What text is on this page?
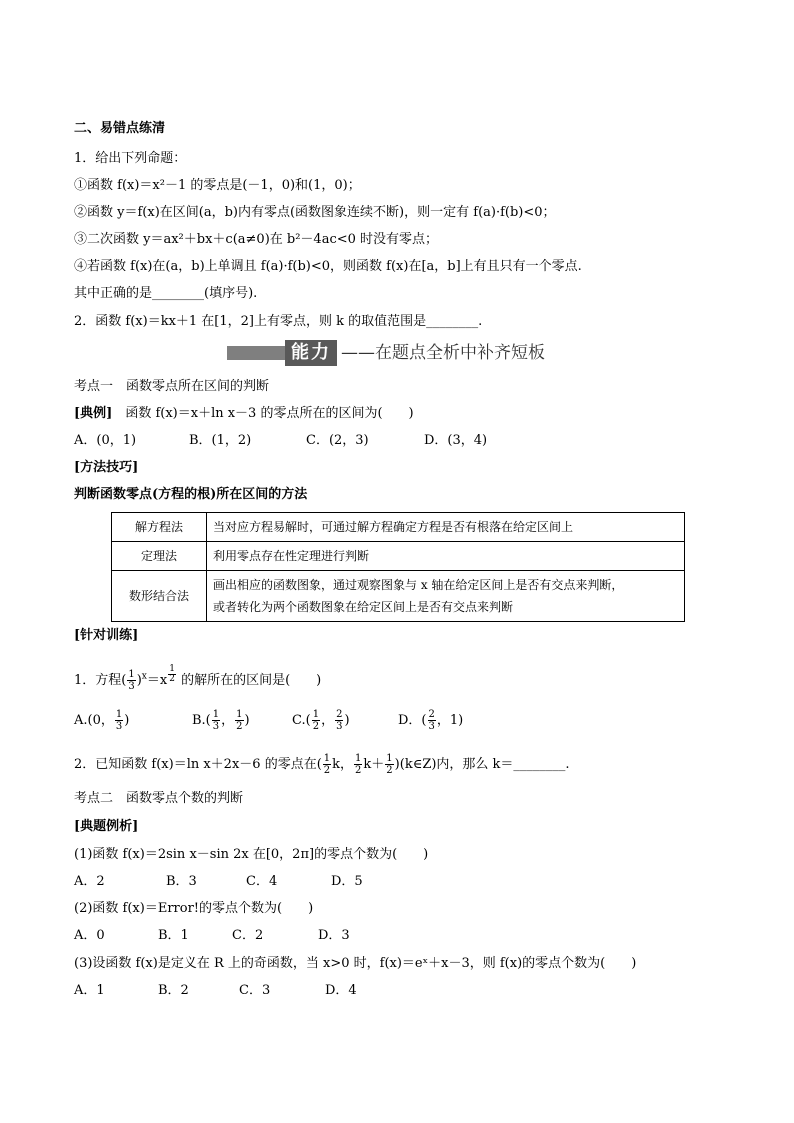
二、易错点练清
1．给出下列命题：
①函数 f(x)＝x²－1 的零点是(－1，0)和(1，0)；
②函数 y＝f(x)在区间(a，b)内有零点(函数图象连续不断)，则一定有 f(a)·f(b)<0；
③二次函数 y＝ax²＋bx＋c(a≠0)在 b²－4ac<0 时没有零点；
④若函数 f(x)在(a，b)上单调且 f(a)·f(b)<0，则函数 f(x)在[a，b]上有且只有一个零点.
其中正确的是________(填序号).
2．函数 f(x)＝kx＋1 在[1，2]上有零点，则 k 的取值范围是________.
能力 ——在题点全析中补齐短板
考点一　函数零点所在区间的判断
[典例]　函数 f(x)＝x＋ln x－3 的零点所在的区间为(　　)
A．(0，1)	B．(1，2)	C．(2，3)	D．(3，4)
[方法技巧]
判断函数零点(方程的根)所在区间的方法
解方程法	当对应方程易解时，可通过解方程确定方程是否有根落在给定区间上
定理法	利用零点存在性定理进行判断
数形结合法	画出相应的函数图象，通过观察图象与 x 轴在给定区间上是否有交点来判断，
或者转化为两个函数图象在给定区间上是否有交点来判断
[针对训练]
1．方程( $\frac{1}{3} )^x=x$ $^{\frac{1}{2}}$ 的解所在的区间是(　　)
A.(0， $\frac{1}{3}$ )	$B.( \frac{1}{3}$ ， $\frac{1}{2}$ )	$C.( \frac{1}{2}$ ， $\frac{2}{3}$ )	D．( $\frac{2}{3}$ ，1)
2．已知函数 f(x)＝ln x＋2x－6 的零点在( $\frac{1}{2}$ k， $\frac{1}{2} k+ \frac{1}{2}$ )(k∈Z)内，那么 k＝________.
考点二　函数零点个数的判断
[典题例析]
(1)函数 f(x)＝2sin x－sin 2x 在[0，2π]的零点个数为(　　)
A．2	B．3	C．4	D．5
(2)函数 f(x)＝Error!的零点个数为(　　)
A．0	B．1	C．2	D．3
(3)设函数 f(x)是定义在 R 上的奇函数，当 x>0 时，f(x)＝eˣ＋x－3，则 f(x)的零点个数为(　　)
A．1	B．2	C．3	D．4
